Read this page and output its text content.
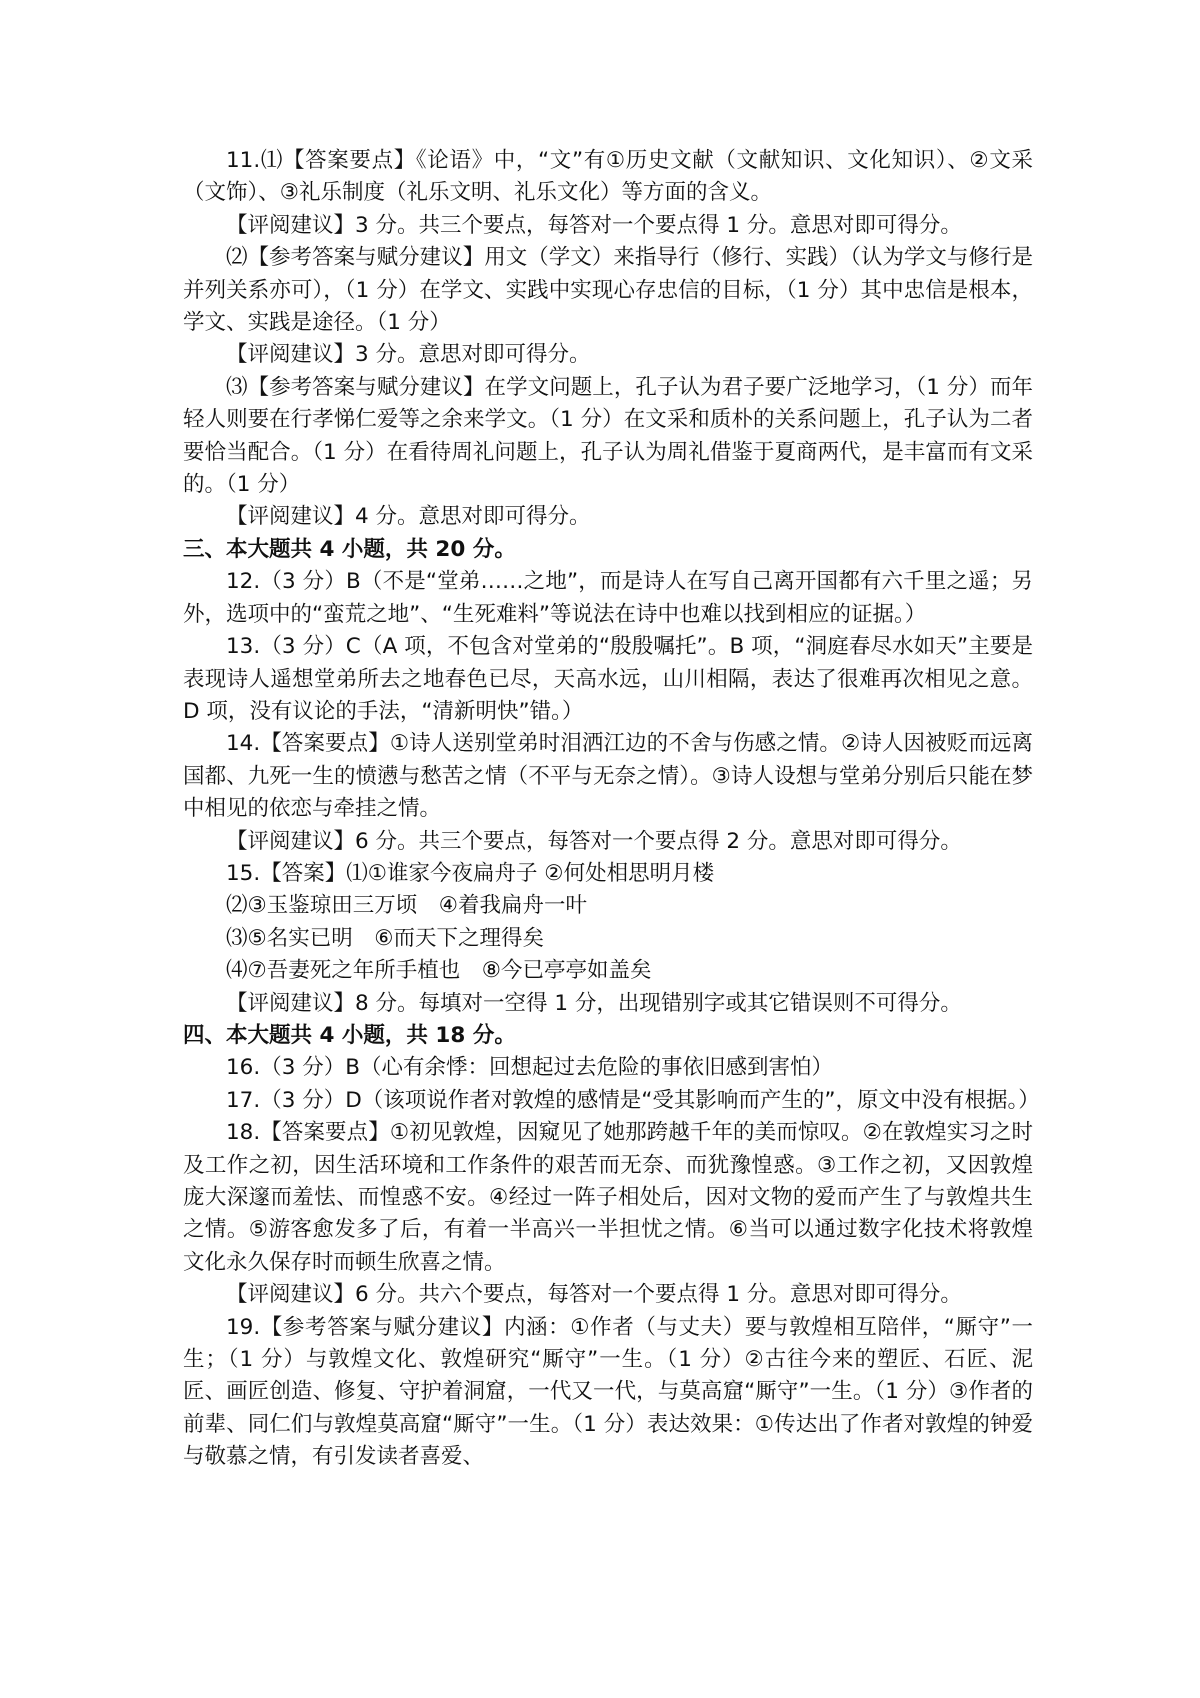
11.⑴【答案要点】《论语》中，“文”有①历史文献（文献知识、文化知识）、②文采（文饰）、③礼乐制度（礼乐文明、礼乐文化）等方面的含义。

【评阅建议】3 分。共三个要点，每答对一个要点得 1 分。意思对即可得分。

⑵【参考答案与赋分建议】用文（学文）来指导行（修行、实践）（认为学文与修行是并列关系亦可），（1 分）在学文、实践中实现心存忠信的目标，（1 分）其中忠信是根本，学文、实践是途径。（1 分）

【评阅建议】3 分。意思对即可得分。

⑶【参考答案与赋分建议】在学文问题上，孔子认为君子要广泛地学习，（1 分）而年轻人则要在行孝悌仁爱等之余来学文。（1 分）在文采和质朴的关系问题上，孔子认为二者要恰当配合。（1 分）在看待周礼问题上，孔子认为周礼借鉴于夏商两代，是丰富而有文采的。（1 分）

【评阅建议】4 分。意思对即可得分。

三、本大题共 4 小题，共 20 分。

12.（3 分）B（不是“堂弟……之地”，而是诗人在写自己离开国都有六千里之遥；另外，选项中的“蛮荒之地”、“生死难料”等说法在诗中也难以找到相应的证据。）

13.（3 分）C（A 项，不包含对堂弟的“殷殷嘱托”。B 项，“洞庭春尽水如天”主要是表现诗人遥想堂弟所去之地春色已尽，天高水远，山川相隔，表达了很难再次相见之意。D 项，没有议论的手法，“清新明快”错。）

14.【答案要点】①诗人送别堂弟时泪洒江边的不舍与伤感之情。②诗人因被贬而远离国都、九死一生的愤懑与愁苦之情（不平与无奈之情）。③诗人设想与堂弟分别后只能在梦中相见的依恋与牵挂之情。

【评阅建议】6 分。共三个要点，每答对一个要点得 2 分。意思对即可得分。

15.【答案】⑴①谁家今夜扁舟子 ②何处相思明月楼

⑵③玉鉴琼田三万顷　④着我扁舟一叶

⑶⑤名实已明　⑥而天下之理得矣

⑷⑦吾妻死之年所手植也　⑧今已亭亭如盖矣

【评阅建议】8 分。每填对一空得 1 分，出现错别字或其它错误则不可得分。

四、本大题共 4 小题，共 18 分。

16.（3 分）B（心有余悸：回想起过去危险的事依旧感到害怕）

17.（3 分）D（该项说作者对敦煌的感情是“受其影响而产生的”，原文中没有根据。）

18.【答案要点】①初见敦煌，因窥见了她那跨越千年的美而惊叹。②在敦煌实习之时及工作之初，因生活环境和工作条件的艰苦而无奈、而犹豫惶惑。③工作之初，又因敦煌庞大深邃而羞怯、而惶惑不安。④经过一阵子相处后，因对文物的爱而产生了与敦煌共生之情。⑤游客愈发多了后，有着一半高兴一半担忧之情。⑥当可以通过数字化技术将敦煌文化永久保存时而顿生欣喜之情。

【评阅建议】6 分。共六个要点，每答对一个要点得 1 分。意思对即可得分。

19.【参考答案与赋分建议】内涵：①作者（与丈夫）要与敦煌相互陪伴，“厮守”一生；（1 分）与敦煌文化、敦煌研究“厮守”一生。（1 分）②古往今来的塑匠、石匠、泥匠、画匠创造、修复、守护着洞窟，一代又一代，与莫高窟“厮守”一生。（1 分）③作者的前辈、同仁们与敦煌莫高窟“厮守”一生。（1 分）表达效果：①传达出了作者对敦煌的钟爱与敬慕之情，有引发读者喜爱、
